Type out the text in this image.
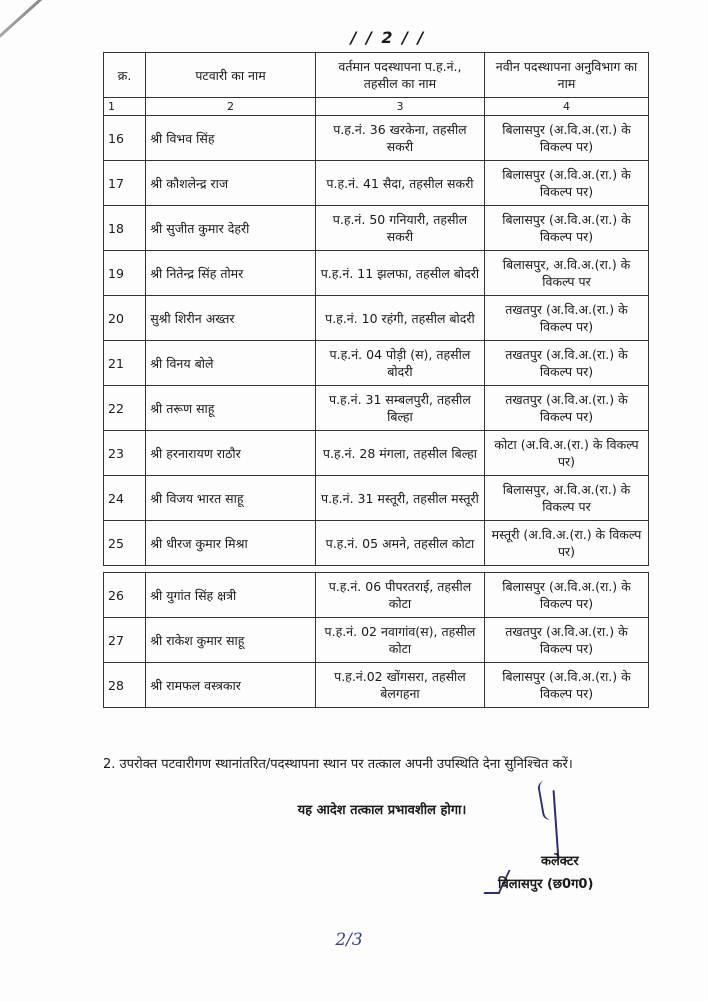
/ / 2 / /
क्र.	पटवारी का नाम	वर्तमान पदस्थापना प.ह.नं., तहसील का नाम	नवीन पदस्थापना अनुविभाग का नाम
1	2	3	4
16	श्री विभव सिंह	प.ह.नं. 36 खरकेना, तहसील सकरी	बिलासपुर (अ.वि.अ.(रा.) के विकल्प पर)
17	श्री कौशलेन्द्र राज	प.ह.नं. 41 सैदा, तहसील सकरी	बिलासपुर (अ.वि.अ.(रा.) के विकल्प पर)
18	श्री सुजीत कुमार देहरी	प.ह.नं. 50 गनियारी, तहसील सकरी	बिलासपुर (अ.वि.अ.(रा.) के विकल्प पर)
19	श्री नितेन्द्र सिंह तोमर	प.ह.नं. 11 झलफा, तहसील बोदरी	बिलासपुर, अ.वि.अ.(रा.) के विकल्प पर
20	सुश्री शिरीन अख्तर	प.ह.नं. 10 रहंगी, तहसील बोदरी	तखतपुर (अ.वि.अ.(रा.) के विकल्प पर)
21	श्री विनय बोले	प.ह.नं. 04 पोड़ी (स), तहसील बोदरी	तखतपुर (अ.वि.अ.(रा.) के विकल्प पर)
22	श्री तरूण साहू	प.ह.नं. 31 सम्बलपुरी, तहसील बिल्हा	तखतपुर (अ.वि.अ.(रा.) के विकल्प पर)
23	श्री हरनारायण राठौर	प.ह.नं. 28 मंगला, तहसील बिल्हा	कोटा (अ.वि.अ.(रा.) के विकल्प पर)
24	श्री विजय भारत साहू	प.ह.नं. 31 मस्तूरी, तहसील मस्तूरी	बिलासपुर, अ.वि.अ.(रा.) के विकल्प पर
25	श्री धीरज कुमार मिश्रा	प.ह.नं. 05 अमने, तहसील कोटा	मस्तूरी (अ.वि.अ.(रा.) के विकल्प पर)

26	श्री युगांत सिंह क्षत्री	प.ह.नं. 06 पीपरतराई, तहसील कोटा	बिलासपुर (अ.वि.अ.(रा.) के विकल्प पर)
27	श्री राकेश कुमार साहू	प.ह.नं. 02 नवागांव(स), तहसील कोटा	तखतपुर (अ.वि.अ.(रा.) के विकल्प पर)
28	श्री रामफल वस्त्रकार	प.ह.नं.02 खोंगसरा, तहसील बेलगहना	बिलासपुर (अ.वि.अ.(रा.) के विकल्प पर)
2. उपरोक्त पटवारीगण स्थानांतरित/पदस्थापना स्थान पर तत्काल अपनी उपस्थिति देना सुनिश्चित करें।
यह आदेश तत्काल प्रभावशील होगा।
कलेक्टर
बिलासपुर (छ0ग0)
2/3
